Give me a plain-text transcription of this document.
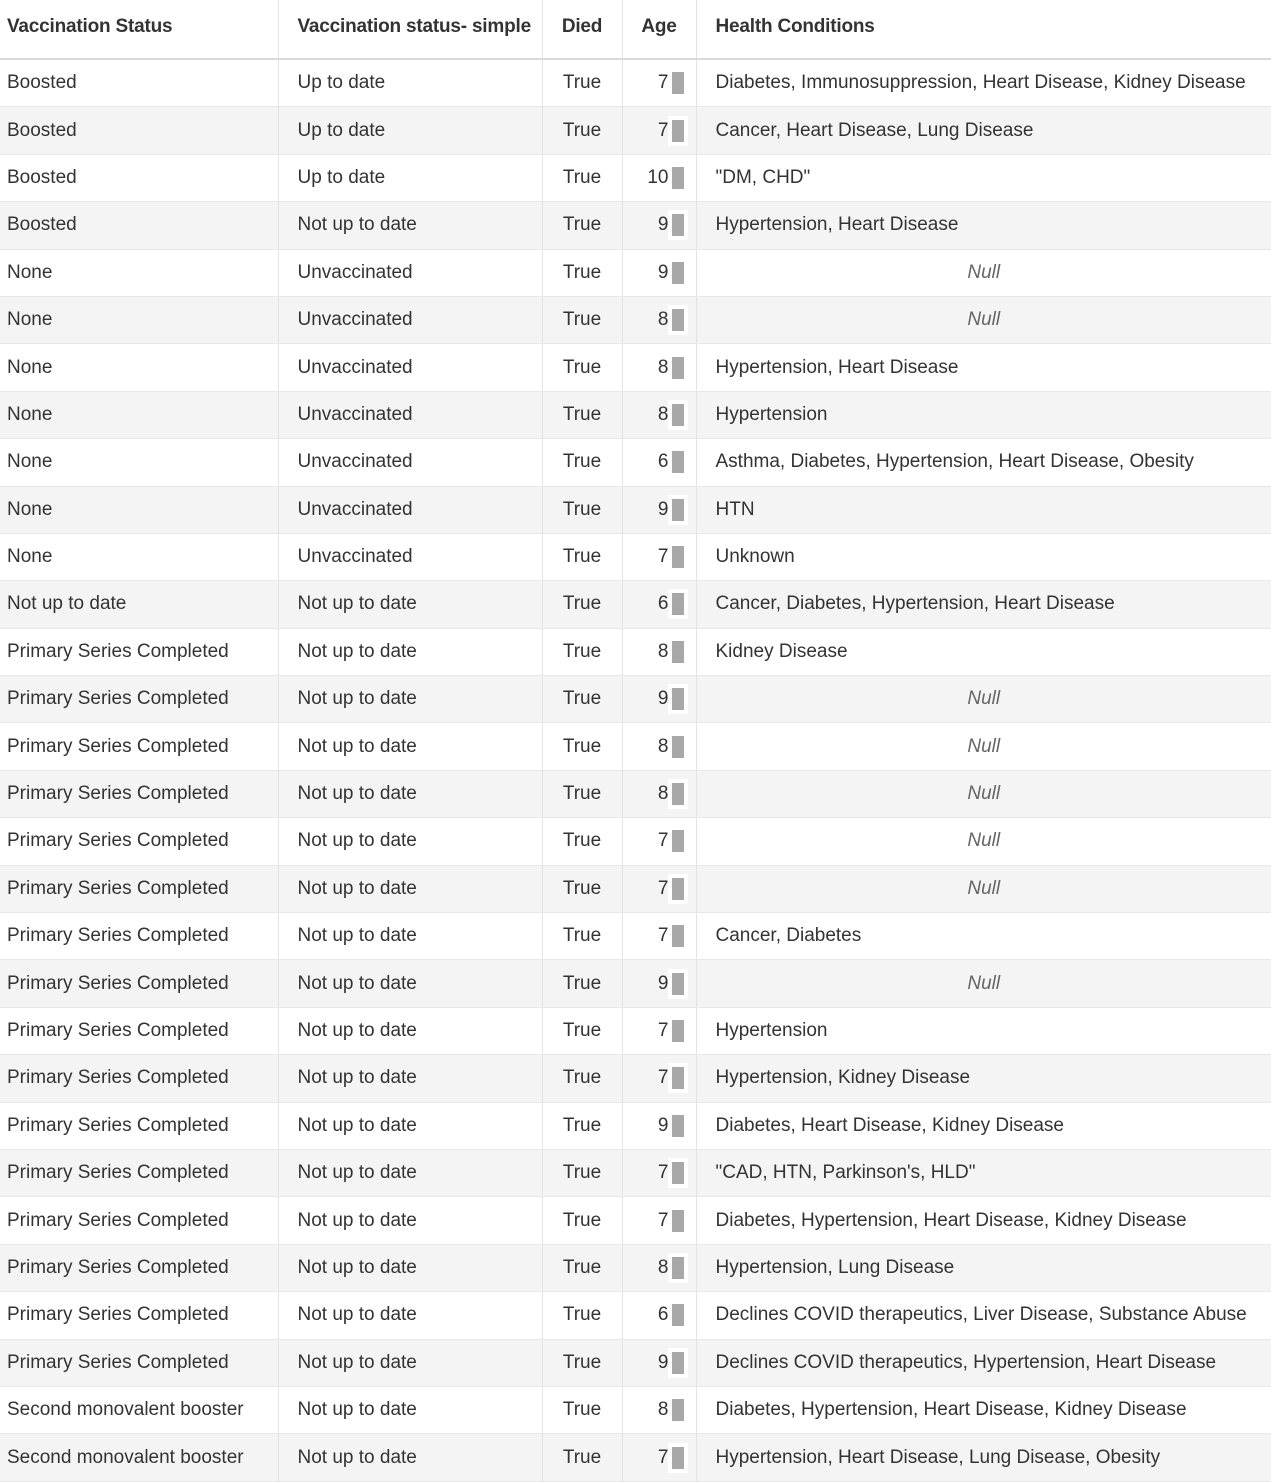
Vaccination Status	Vaccination status- simple	Died	Age	Health Conditions
Boosted	Up to date	True	7	Diabetes, Immunosuppression, Heart Disease, Kidney Disease
Boosted	Up to date	True	7	Cancer, Heart Disease, Lung Disease
Boosted	Up to date	True	10	"DM, CHD"
Boosted	Not up to date	True	9	Hypertension, Heart Disease
None	Unvaccinated	True	9	Null
None	Unvaccinated	True	8	Null
None	Unvaccinated	True	8	Hypertension, Heart Disease
None	Unvaccinated	True	8	Hypertension
None	Unvaccinated	True	6	Asthma, Diabetes, Hypertension, Heart Disease, Obesity
None	Unvaccinated	True	9	HTN
None	Unvaccinated	True	7	Unknown
Not up to date	Not up to date	True	6	Cancer, Diabetes, Hypertension, Heart Disease
Primary Series Completed	Not up to date	True	8	Kidney Disease
Primary Series Completed	Not up to date	True	9	Null
Primary Series Completed	Not up to date	True	8	Null
Primary Series Completed	Not up to date	True	8	Null
Primary Series Completed	Not up to date	True	7	Null
Primary Series Completed	Not up to date	True	7	Null
Primary Series Completed	Not up to date	True	7	Cancer, Diabetes
Primary Series Completed	Not up to date	True	9	Null
Primary Series Completed	Not up to date	True	7	Hypertension
Primary Series Completed	Not up to date	True	7	Hypertension, Kidney Disease
Primary Series Completed	Not up to date	True	9	Diabetes, Heart Disease, Kidney Disease
Primary Series Completed	Not up to date	True	7	"CAD, HTN, Parkinson's, HLD"
Primary Series Completed	Not up to date	True	7	Diabetes, Hypertension, Heart Disease, Kidney Disease
Primary Series Completed	Not up to date	True	8	Hypertension, Lung Disease
Primary Series Completed	Not up to date	True	6	Declines COVID therapeutics, Liver Disease, Substance Abuse
Primary Series Completed	Not up to date	True	9	Declines COVID therapeutics, Hypertension, Heart Disease
Second monovalent booster	Not up to date	True	8	Diabetes, Hypertension, Heart Disease, Kidney Disease
Second monovalent booster	Not up to date	True	7	Hypertension, Heart Disease, Lung Disease, Obesity
